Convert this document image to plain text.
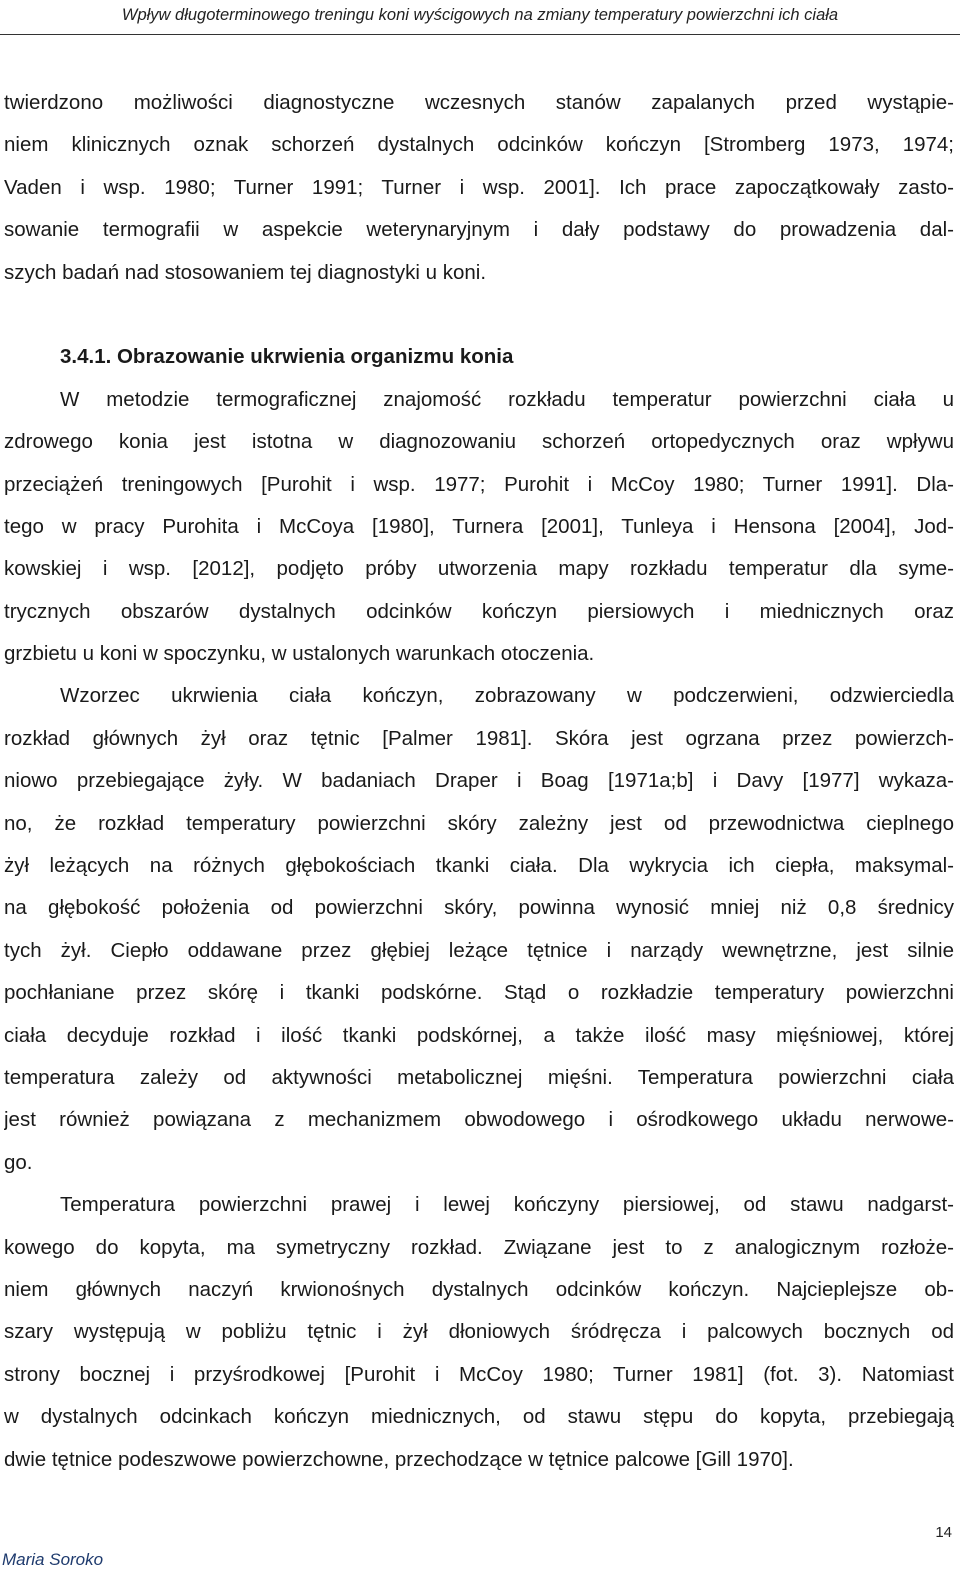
Wpływ długoterminowego treningu koni wyścigowych na zmiany temperatury powierzchni ich ciała
twierdzono możliwości diagnostyczne wczesnych stanów zapalanych przed wystąpie-
niem klinicznych oznak schorzeń dystalnych odcinków kończyn [Stromberg 1973, 1974;
Vaden i wsp. 1980; Turner 1991; Turner i wsp. 2001]. Ich prace zapoczątkowały zasto-
sowanie termografii w aspekcie weterynaryjnym i dały podstawy do prowadzenia dal-
szych badań nad stosowaniem tej diagnostyki u koni.
3.4.1. Obrazowanie ukrwienia organizmu konia
W metodzie termograficznej znajomość rozkładu temperatur powierzchni ciała u
zdrowego konia jest istotna w diagnozowaniu schorzeń ortopedycznych oraz wpływu
przeciążeń treningowych [Purohit i wsp. 1977; Purohit i McCoy 1980; Turner 1991]. Dla-
tego w pracy Purohita i McCoya [1980], Turnera [2001], Tunleya i Hensona [2004], Jod-
kowskiej i wsp. [2012], podjęto próby utworzenia mapy rozkładu temperatur dla syme-
trycznych obszarów dystalnych odcinków kończyn piersiowych i miednicznych oraz
grzbietu u koni w spoczynku, w ustalonych warunkach otoczenia.
Wzorzec ukrwienia ciała kończyn, zobrazowany w podczerwieni, odzwierciedla
rozkład głównych żył oraz tętnic [Palmer 1981]. Skóra jest ogrzana przez powierzch-
niowo przebiegające żyły. W badaniach Draper i Boag [1971a;b] i Davy [1977] wykaza-
no, że rozkład temperatury powierzchni skóry zależny jest od przewodnictwa cieplnego
żył leżących na różnych głębokościach tkanki ciała. Dla wykrycia ich ciepła, maksymal-
na głębokość położenia od powierzchni skóry, powinna wynosić mniej niż 0,8 średnicy
tych żył. Ciepło oddawane przez głębiej leżące tętnice i narządy wewnętrzne, jest silnie
pochłaniane przez skórę i tkanki podskórne. Stąd o rozkładzie temperatury powierzchni
ciała decyduje rozkład i ilość tkanki podskórnej, a także ilość masy mięśniowej, której
temperatura zależy od aktywności metabolicznej mięśni. Temperatura powierzchni ciała
jest również powiązana z mechanizmem obwodowego i ośrodkowego układu nerwowe-
go.
Temperatura powierzchni prawej i lewej kończyny piersiowej, od stawu nadgarst-
kowego do kopyta, ma symetryczny rozkład. Związane jest to z analogicznym rozłoże-
niem głównych naczyń krwionośnych dystalnych odcinków kończyn. Najcieplejsze ob-
szary występują w pobliżu tętnic i żył dłoniowych śródręcza i palcowych bocznych od
strony bocznej i przyśrodkowej [Purohit i McCoy 1980; Turner 1981] (fot. 3). Natomiast
w dystalnych odcinkach kończyn miednicznych, od stawu stępu do kopyta, przebiegają
dwie tętnice podeszwowe powierzchowne, przechodzące w tętnice palcowe [Gill 1970].
14
Maria Soroko
